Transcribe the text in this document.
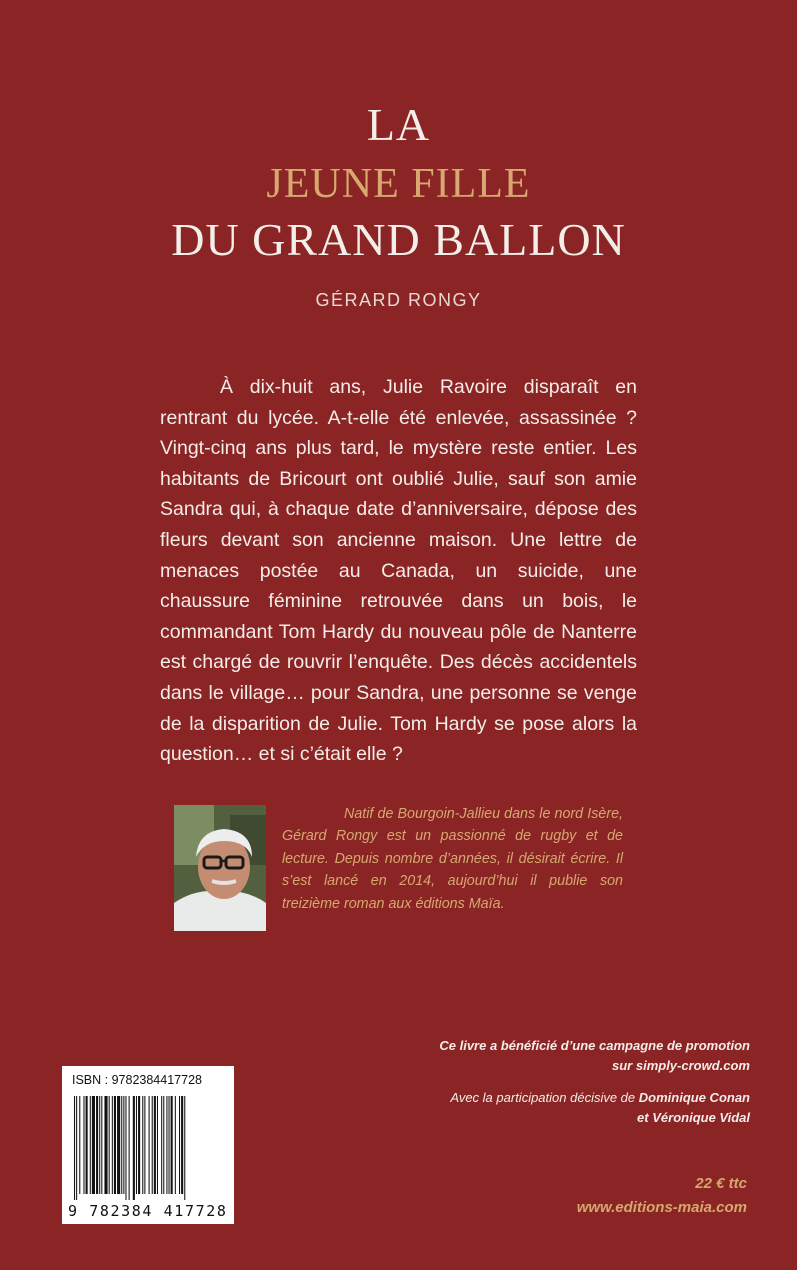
LA
JEUNE FILLE
DU GRAND BALLON
GÉRARD RONGY

À dix-huit ans, Julie Ravoire disparaît en rentrant du lycée. A-t-elle été enlevée, assassinée ? Vingt-cinq ans plus tard, le mystère reste entier. Les habitants de Bricourt ont oublié Julie, sauf son amie Sandra qui, à chaque date d’anniversaire, dépose des fleurs devant son ancienne maison. Une lettre de menaces postée au Canada, un suicide, une chaussure féminine retrouvée dans un bois, le commandant Tom Hardy du nouveau pôle de Nanterre est chargé de rouvrir l’enquête. Des décès accidentels dans le village… pour Sandra, une personne se venge de la disparition de Julie. Tom Hardy se pose alors la question… et si c’était elle ?

Natif de Bourgoin-Jallieu dans le nord Isère, Gérard Rongy est un passionné de rugby et de lecture. Depuis nombre d’années, il désirait écrire. Il s’est lancé en 2014, aujourd’hui il publie son treizième roman aux éditions Maïa.

Ce livre a bénéficié d’une campagne de promotion
sur simply-crowd.com
Avec la participation décisive de Dominique Conan
et Véronique Vidal
22 € ttc
www.editions-maia.com
ISBN : 9782384417728
9 782384 417728
